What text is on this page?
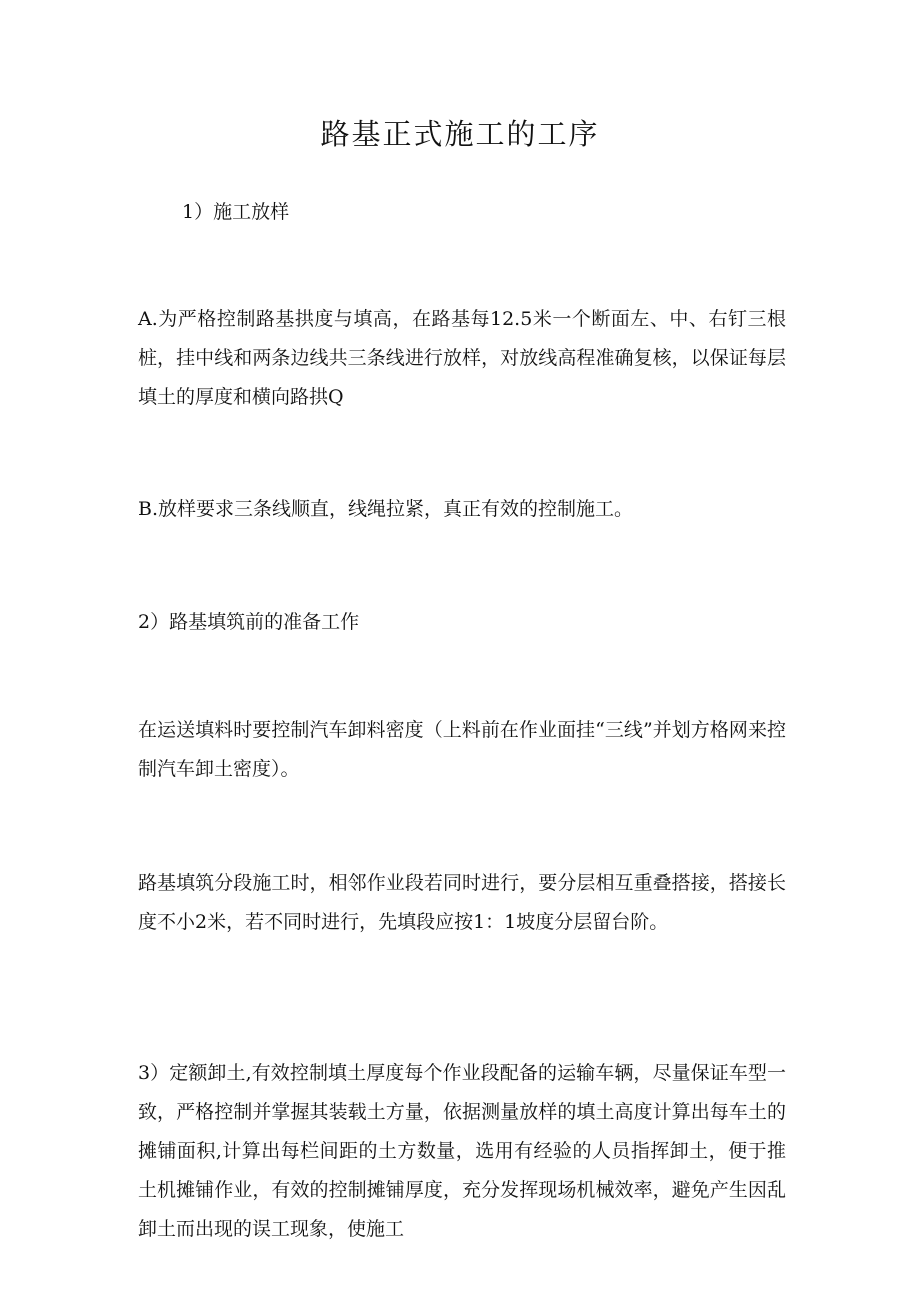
路基正式施工的工序

1）施工放样

A.为严格控制路基拱度与填高，在路基每12.5米一个断面左、中、右钉三根桩，挂中线和两条边线共三条线进行放样，对放线高程准确复核，以保证每层填土的厚度和横向路拱Q

B.放样要求三条线顺直，线绳拉紧，真正有效的控制施工。

2）路基填筑前的准备工作

在运送填料时要控制汽车卸料密度（上料前在作业面挂“三线”并划方格网来控制汽车卸土密度）。

路基填筑分段施工时，相邻作业段若同时进行，要分层相互重叠搭接，搭接长度不小2米，若不同时进行，先填段应按1：1坡度分层留台阶。

3）定额卸土,有效控制填土厚度每个作业段配备的运输车辆，尽量保证车型一致，严格控制并掌握其装载土方量，依据测量放样的填土高度计算出每车土的摊铺面积,计算出每栏间距的土方数量，选用有经验的人员指挥卸土，便于推土机摊铺作业，有效的控制摊铺厚度，充分发挥现场机械效率，避免产生因乱卸土而出现的误工现象，使施工
